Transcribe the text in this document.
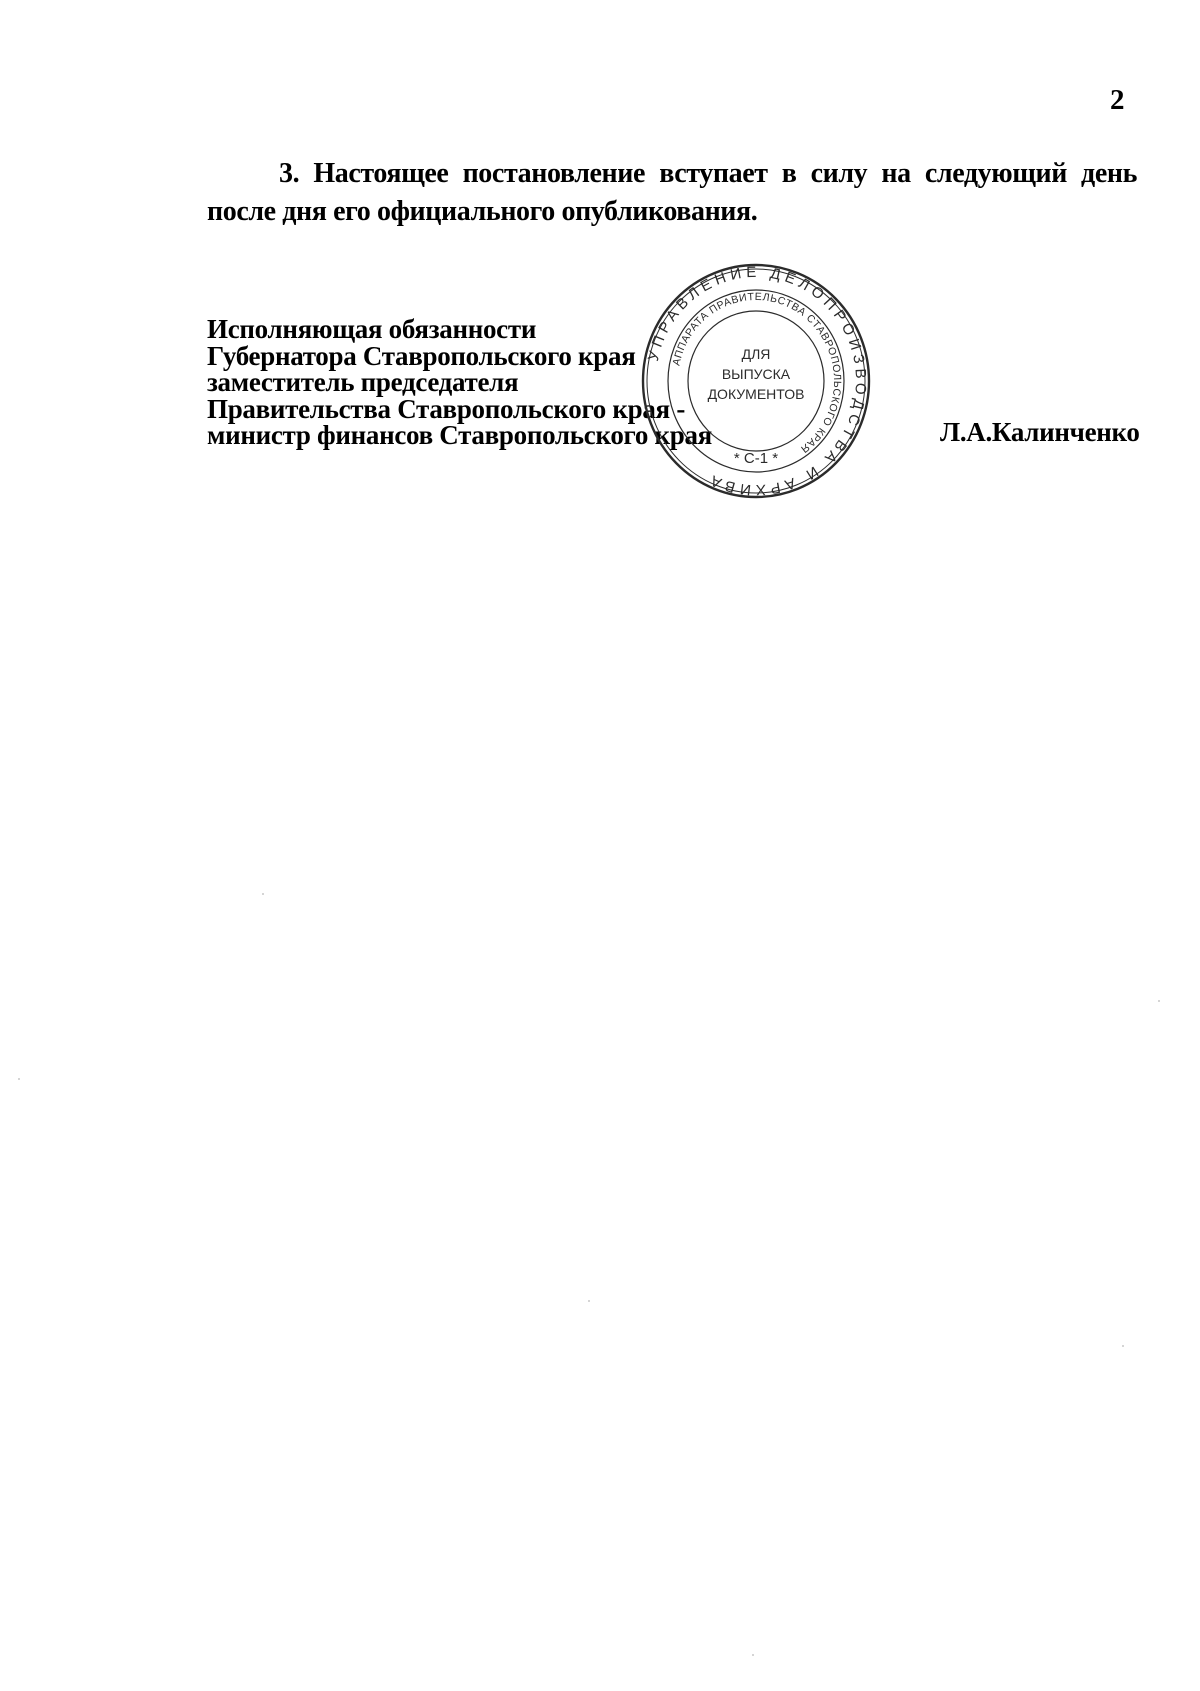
2
3. Настоящее постановление вступает в силу на следующий день после дня его официального опубликования.
Исполняющая обязанности
Губернатора Ставропольского края
заместитель председателя
Правительства Ставропольского края -
министр финансов Ставропольского края
УПРАВЛЕНИЕ ДЕЛОПРОИЗВОДСТВА И АРХИВА
АППАРАТА ПРАВИТЕЛЬСТВА СТАВРОПОЛЬСКОГО КРАЯ
ДЛЯ
ВЫПУСКА
ДОКУМЕНТОВ
* С-1 *
Л.А.Калинченко
